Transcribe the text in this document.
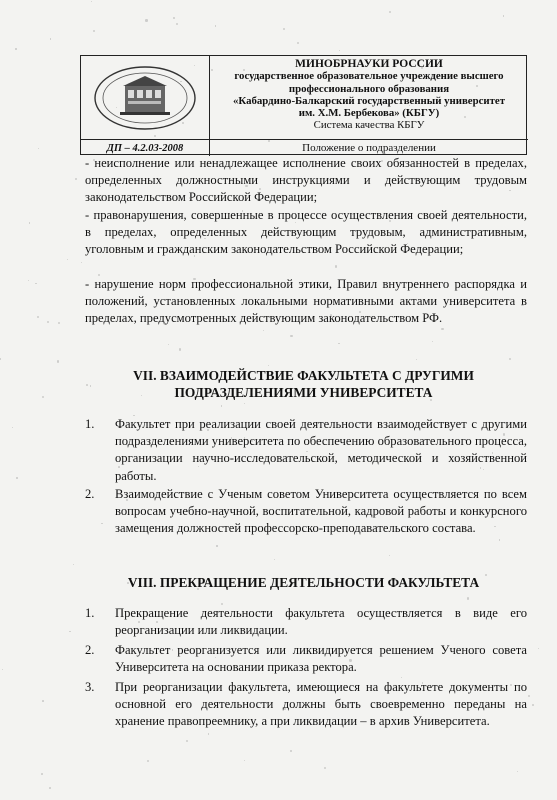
ДП – 4.2.03-2008
МИНОБРНАУКИ РОССИИ
государственное образовательное учреждение высшего
профессионального образования
«Кабардино-Балкарский государственный университет
им. Х.М. Бербекова» (КБГУ)
Система качества КБГУ
Положение о подразделении
- неисполнение или ненадлежащее исполнение своих обязанностей в пределах, определенных должностными инструкциями и действующим трудовым законодательством Российской Федерации;
- правонарушения, совершенные в процессе осуществления своей деятельности, в пределах, определенных действующим трудовым, административным, уголовным и гражданским законодательством Российской Федерации;
- нарушение норм профессиональной этики, Правил внутреннего распорядка и положений, установленных локальными нормативными актами университета в пределах, предусмотренных действующим законодательством РФ.
VII. ВЗАИМОДЕЙСТВИЕ ФАКУЛЬТЕТА С ДРУГИМИ
ПОДРАЗДЕЛЕНИЯМИ УНИВЕРСИТЕТА
1. Факультет при реализации своей деятельности взаимодействует с другими подразделениями университета по обеспечению образовательного процесса, организации научно-исследовательской, методической и хозяйственной работы.
2. Взаимодействие с Ученым советом Университета осуществляется по всем вопросам учебно-научной, воспитательной, кадровой работы и конкурсного замещения должностей профессорско-преподавательского состава.
VIII. ПРЕКРАЩЕНИЕ ДЕЯТЕЛЬНОСТИ ФАКУЛЬТЕТА
1. Прекращение деятельности факультета осуществляется в виде его реорганизации или ликвидации.
2. Факультет реорганизуется или ликвидируется решением Ученого совета Университета на основании приказа ректора.
3. При реорганизации факультета, имеющиеся на факультете документы по основной его деятельности должны быть своевременно переданы на хранение правопреемнику, а при ликвидации – в архив Университета.
